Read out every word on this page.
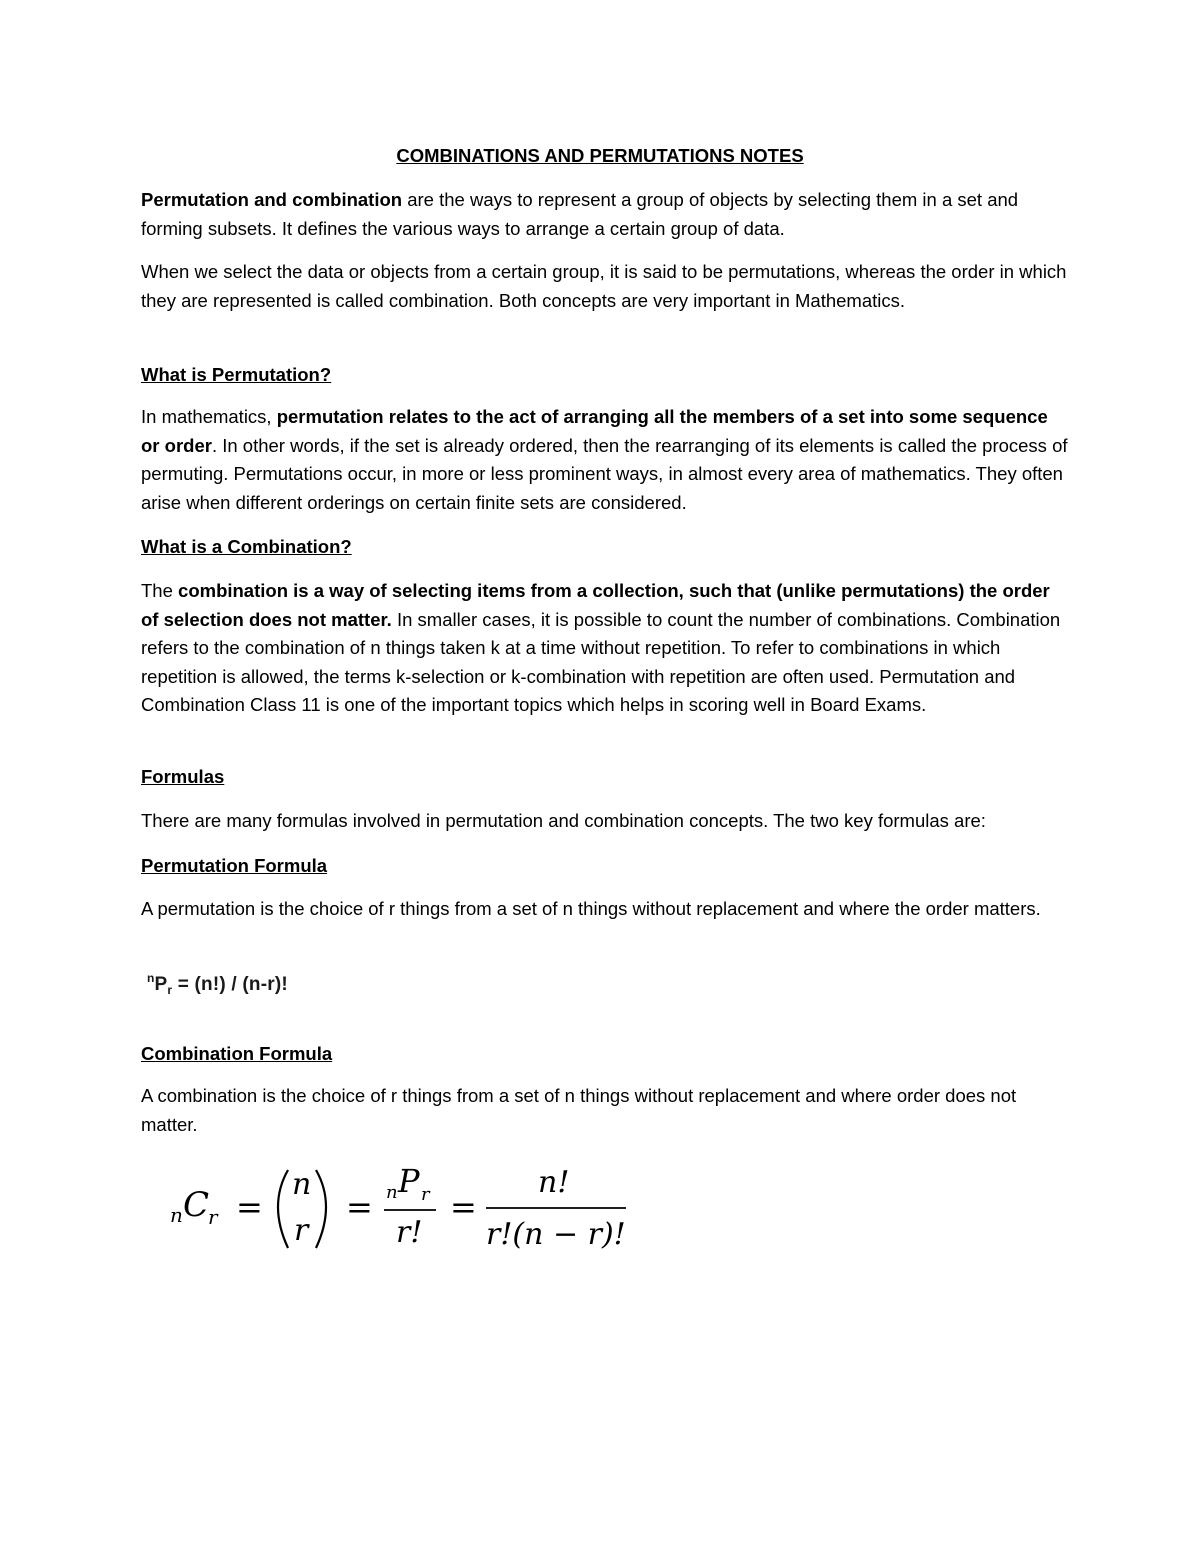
COMBINATIONS AND PERMUTATIONS NOTES
Permutation and combination are the ways to represent a group of objects by selecting them in a set and forming subsets. It defines the various ways to arrange a certain group of data.
When we select the data or objects from a certain group, it is said to be permutations, whereas the order in which they are represented is called combination. Both concepts are very important in Mathematics.
What is Permutation?
In mathematics, permutation relates to the act of arranging all the members of a set into some sequence or order. In other words, if the set is already ordered, then the rearranging of its elements is called the process of permuting. Permutations occur, in more or less prominent ways, in almost every area of mathematics. They often arise when different orderings on certain finite sets are considered.
What is a Combination?
The combination is a way of selecting items from a collection, such that (unlike permutations) the order of selection does not matter. In smaller cases, it is possible to count the number of combinations. Combination refers to the combination of n things taken k at a time without repetition. To refer to combinations in which repetition is allowed, the terms k-selection or k-combination with repetition are often used. Permutation and Combination Class 11 is one of the important topics which helps in scoring well in Board Exams.
Formulas
There are many formulas involved in permutation and combination concepts. The two key formulas are:
Permutation Formula
A permutation is the choice of r things from a set of n things without replacement and where the order matters.
$^nP_r = (n!) / (n-r)$!
Combination Formula
A combination is the choice of r things from a set of n things without replacement and where order does not matter.
n C
r =
n
r
= n P r
r!
=
n!
r!(n − r)!
